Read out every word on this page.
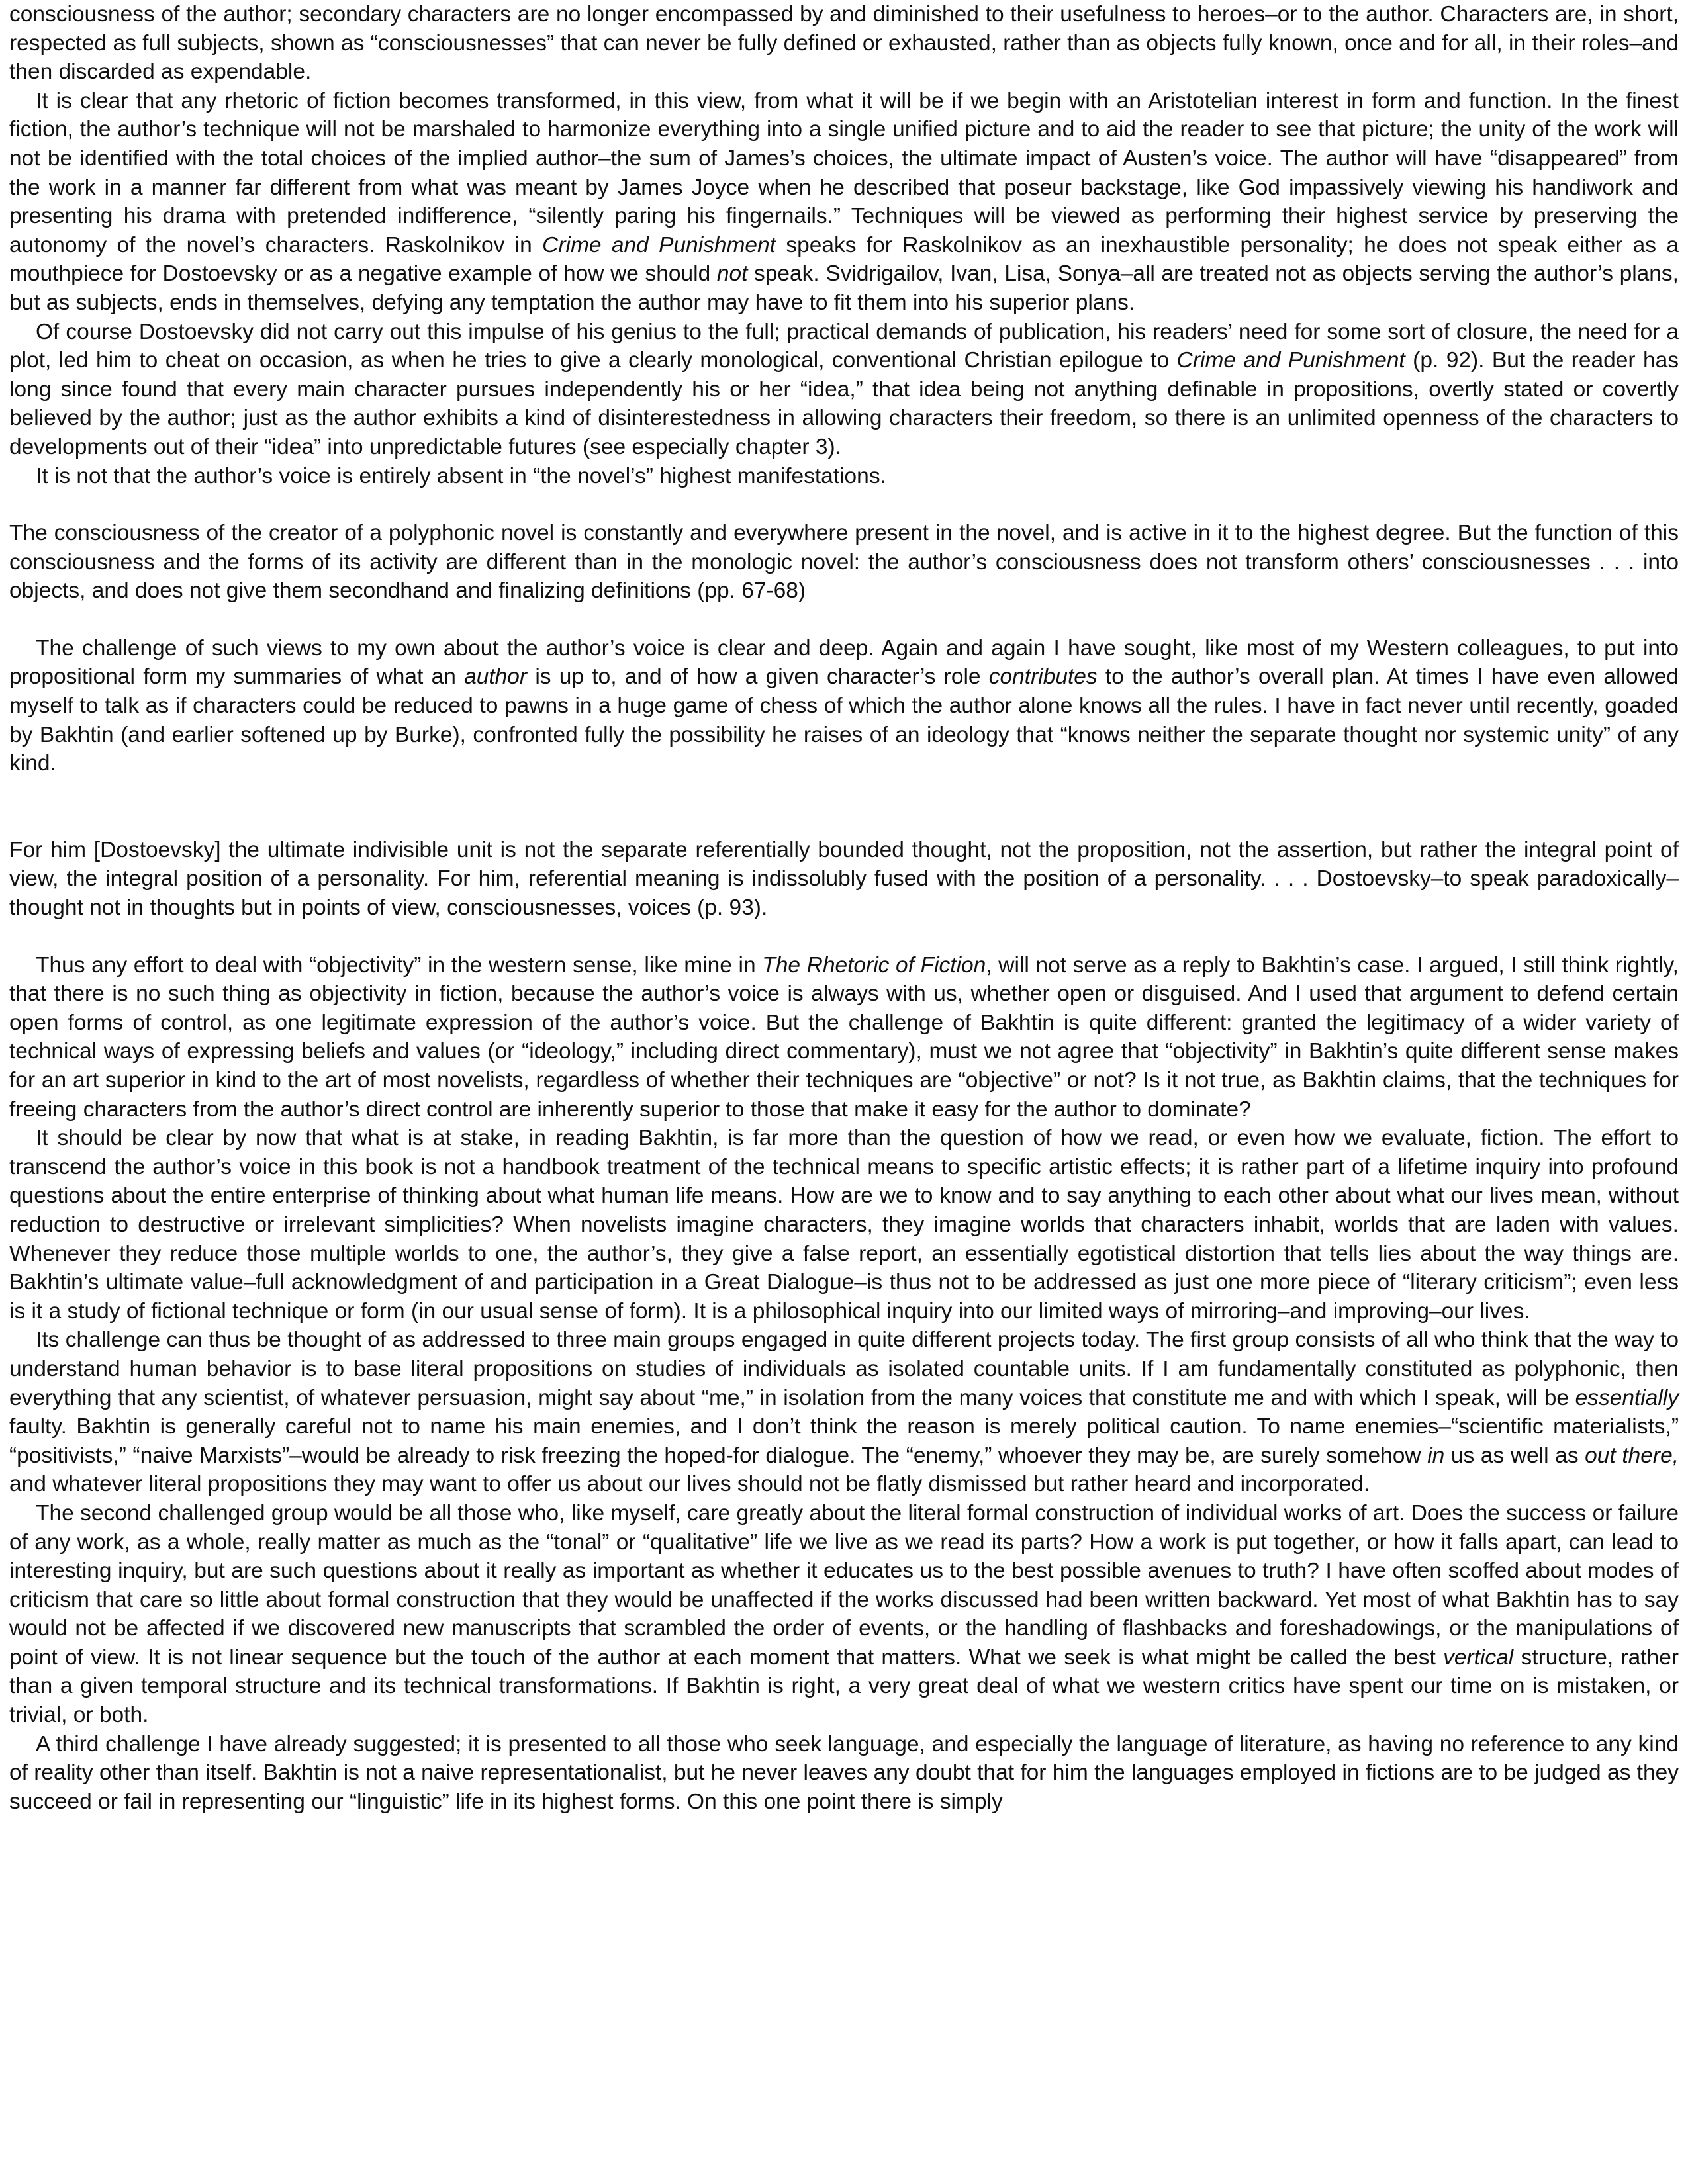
consciousness of the author; secondary characters are no longer encompassed by and diminished to their usefulness to heroes–or to the author. Characters are, in short, respected as full subjects, shown as “consciousnesses” that can never be fully defined or exhausted, rather than as objects fully known, once and for all, in their roles–and then discarded as expendable.

It is clear that any rhetoric of fiction becomes transformed, in this view, from what it will be if we begin with an Aristotelian interest in form and function. In the finest fiction, the author’s technique will not be marshaled to harmonize everything into a single unified picture and to aid the reader to see that picture; the unity of the work will not be identified with the total choices of the implied author–the sum of James’s choices, the ultimate impact of Austen’s voice. The author will have “disappeared” from the work in a manner far different from what was meant by James Joyce when he described that poseur backstage, like God impassively viewing his handiwork and presenting his drama with pretended indifference, “silently paring his fingernails.” Techniques will be viewed as performing their highest service by preserving the autonomy of the novel’s characters. Raskolnikov in Crime and Punishment speaks for Raskolnikov as an inexhaustible personality; he does not speak either as a mouthpiece for Dostoevsky or as a negative example of how we should not speak. Svidrigailov, Ivan, Lisa, Sonya–all are treated not as objects serving the author’s plans, but as subjects, ends in themselves, defying any temptation the author may have to fit them into his superior plans.

Of course Dostoevsky did not carry out this impulse of his genius to the full; practical demands of publication, his readers’ need for some sort of closure, the need for a plot, led him to cheat on occasion, as when he tries to give a clearly monological, conventional Christian epilogue to Crime and Punishment (p. 92). But the reader has long since found that every main character pursues independently his or her “idea,” that idea being not anything definable in propositions, overtly stated or covertly believed by the author; just as the author exhibits a kind of disinterestedness in allowing characters their freedom, so there is an unlimited openness of the characters to developments out of their “idea” into unpredictable futures (see especially chapter 3).

It is not that the author’s voice is entirely absent in “the novel’s” highest manifestations.

The consciousness of the creator of a polyphonic novel is constantly and everywhere present in the novel, and is active in it to the highest degree. But the function of this consciousness and the forms of its activity are different than in the monologic novel: the author’s consciousness does not transform others’ consciousnesses . . . into objects, and does not give them secondhand and finalizing definitions (pp. 67-68)

The challenge of such views to my own about the author’s voice is clear and deep. Again and again I have sought, like most of my Western colleagues, to put into propositional form my summaries of what an author is up to, and of how a given character’s role contributes to the author’s overall plan. At times I have even allowed myself to talk as if characters could be reduced to pawns in a huge game of chess of which the author alone knows all the rules. I have in fact never until recently, goaded by Bakhtin (and earlier softened up by Burke), confronted fully the possibility he raises of an ideology that “knows neither the separate thought nor systemic unity” of any kind.

For him [Dostoevsky] the ultimate indivisible unit is not the separate referentially bounded thought, not the proposition, not the assertion, but rather the integral point of view, the integral position of a personality. For him, referential meaning is indissolubly fused with the position of a personality. . . . Dostoevsky–to speak paradoxically–thought not in thoughts but in points of view, consciousnesses, voices (p. 93).

Thus any effort to deal with “objectivity” in the western sense, like mine in The Rhetoric of Fiction, will not serve as a reply to Bakhtin’s case. I argued, I still think rightly, that there is no such thing as objectivity in fiction, because the author’s voice is always with us, whether open or disguised. And I used that argument to defend certain open forms of control, as one legitimate expression of the author’s voice. But the challenge of Bakhtin is quite different: granted the legitimacy of a wider variety of technical ways of expressing beliefs and values (or “ideology,” including direct commentary), must we not agree that “objectivity” in Bakhtin’s quite different sense makes for an art superior in kind to the art of most novelists, regardless of whether their techniques are “objective” or not? Is it not true, as Bakhtin claims, that the techniques for freeing characters from the author’s direct control are inherently superior to those that make it easy for the author to dominate?

It should be clear by now that what is at stake, in reading Bakhtin, is far more than the question of how we read, or even how we evaluate, fiction. The effort to transcend the author’s voice in this book is not a handbook treatment of the technical means to specific artistic effects; it is rather part of a lifetime inquiry into profound questions about the entire enterprise of thinking about what human life means. How are we to know and to say anything to each other about what our lives mean, without reduction to destructive or irrelevant simplicities? When novelists imagine characters, they imagine worlds that characters inhabit, worlds that are laden with values. Whenever they reduce those multiple worlds to one, the author’s, they give a false report, an essentially egotistical distortion that tells lies about the way things are. Bakhtin’s ultimate value–full acknowledgment of and participation in a Great Dialogue–is thus not to be addressed as just one more piece of “literary criticism”; even less is it a study of fictional technique or form (in our usual sense of form). It is a philosophical inquiry into our limited ways of mirroring–and improving–our lives.

Its challenge can thus be thought of as addressed to three main groups engaged in quite different projects today. The first group consists of all who think that the way to understand human behavior is to base literal propositions on studies of individuals as isolated countable units. If I am fundamentally constituted as polyphonic, then everything that any scientist, of whatever persuasion, might say about “me,” in isolation from the many voices that constitute me and with which I speak, will be essentially faulty. Bakhtin is generally careful not to name his main enemies, and I don’t think the reason is merely political caution. To name enemies–“scientific materialists,” “positivists,” “naive Marxists”–would be already to risk freezing the hoped-for dialogue. The “enemy,” whoever they may be, are surely somehow in us as well as out there, and whatever literal propositions they may want to offer us about our lives should not be flatly dismissed but rather heard and incorporated.

The second challenged group would be all those who, like myself, care greatly about the literal formal construction of individual works of art. Does the success or failure of any work, as a whole, really matter as much as the “tonal” or “qualitative” life we live as we read its parts? How a work is put together, or how it falls apart, can lead to interesting inquiry, but are such questions about it really as important as whether it educates us to the best possible avenues to truth? I have often scoffed about modes of criticism that care so little about formal construction that they would be unaffected if the works discussed had been written backward. Yet most of what Bakhtin has to say would not be affected if we discovered new manuscripts that scrambled the order of events, or the handling of flashbacks and foreshadowings, or the manipulations of point of view. It is not linear sequence but the touch of the author at each moment that matters. What we seek is what might be called the best vertical structure, rather than a given temporal structure and its technical transformations. If Bakhtin is right, a very great deal of what we western critics have spent our time on is mistaken, or trivial, or both.

A third challenge I have already suggested; it is presented to all those who seek language, and especially the language of literature, as having no reference to any kind of reality other than itself. Bakhtin is not a naive representationalist, but he never leaves any doubt that for him the languages employed in fictions are to be judged as they succeed or fail in representing our “linguistic” life in its highest forms. On this one point there is simply
